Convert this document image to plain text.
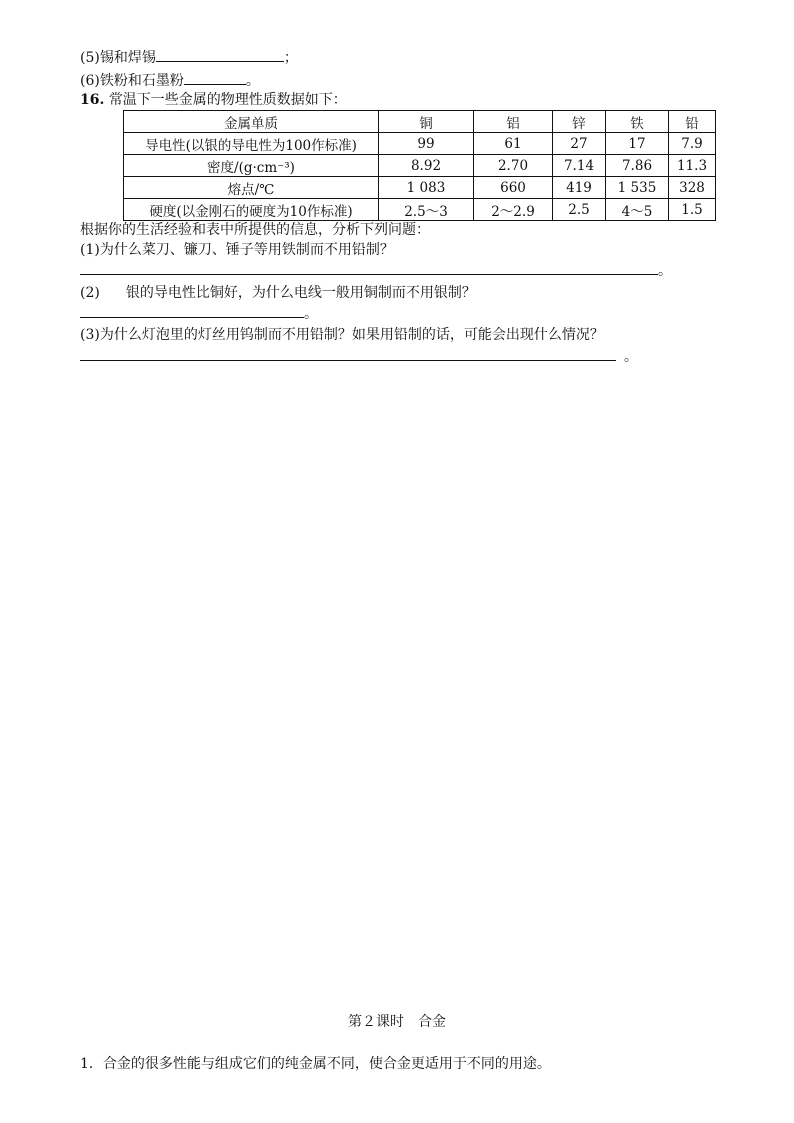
(5)锡和焊锡	；
(6)铁粉和石墨粉	。
16. 常温下一些金属的物理性质数据如下：
金属单质	铜	铝	锌	铁	铅
导电性(以银的导电性为100作标准)	99	61	27	17	7.9
密度/(g·cm⁻³)	8.92	2.70	7.14	7.86	11.3
熔点/℃	1 083	660	419	1 535	328
硬度(以金刚石的硬度为10作标准)	2.5～3	2～2.9	2.5	4～5	1.5
根据你的生活经验和表中所提供的信息，分析下列问题：
(1)为什么菜刀、镰刀、锤子等用铁制而不用铅制？
。
(2) 银的导电性比铜好，为什么电线一般用铜制而不用银制？
。
(3)为什么灯泡里的灯丝用钨制而不用铅制？如果用铅制的话，可能会出现什么情况？
。
第２课时　合金
1．合金的很多性能与组成它们的纯金属不同，使合金更适用于不同的用途。
